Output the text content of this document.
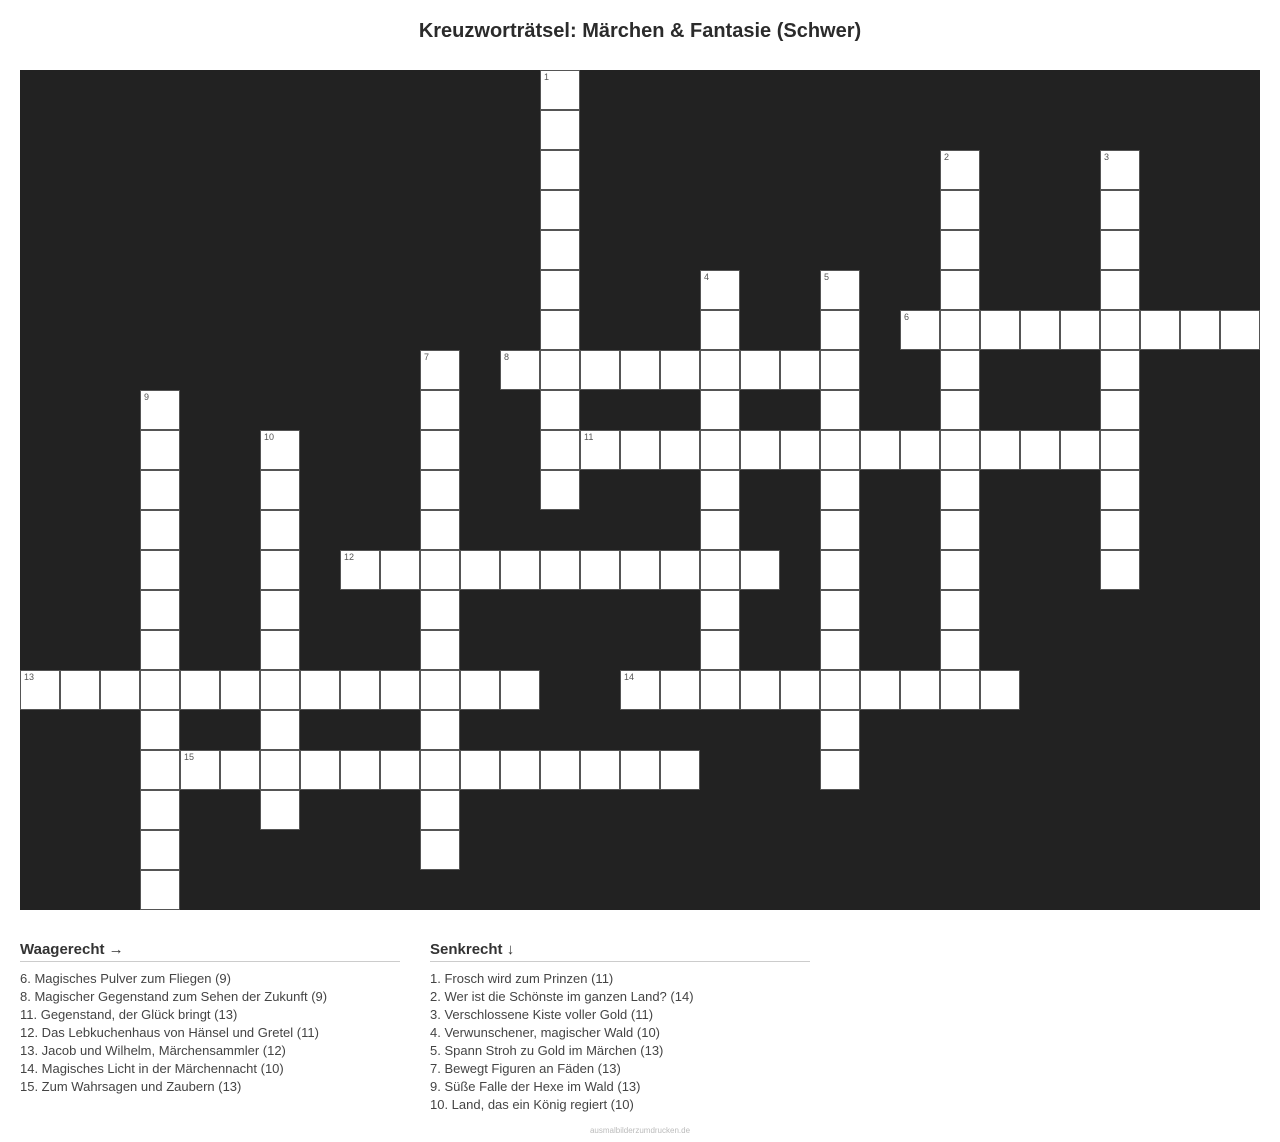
Kreuzworträtsel: Märchen & Fantasie (Schwer)
1
2	3
4	5
6
7	8
9
10	11
12
13	14
15
Waagerecht →
6. Magisches Pulver zum Fliegen (9)
8. Magischer Gegenstand zum Sehen der Zukunft (9)
11. Gegenstand, der Glück bringt (13)
12. Das Lebkuchenhaus von Hänsel und Gretel (11)
13. Jacob und Wilhelm, Märchensammler (12)
14. Magisches Licht in der Märchennacht (10)
15. Zum Wahrsagen und Zaubern (13)
Senkrecht ↓
1. Frosch wird zum Prinzen (11)
2. Wer ist die Schönste im ganzen Land? (14)
3. Verschlossene Kiste voller Gold (11)
4. Verwunschener, magischer Wald (10)
5. Spann Stroh zu Gold im Märchen (13)
7. Bewegt Figuren an Fäden (13)
9. Süße Falle der Hexe im Wald (13)
10. Land, das ein König regiert (10)
ausmalbilderzumdrucken.de
